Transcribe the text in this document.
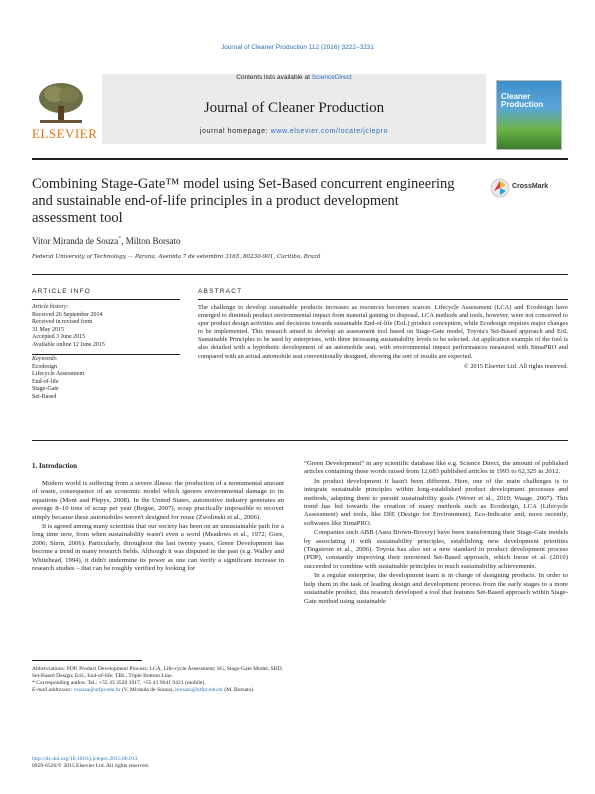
Journal of Cleaner Production 112 (2016) 3222–3231
ELSEVIER
Contents lists available at ScienceDirect
Journal of Cleaner Production
journal homepage: www.elsevier.com/locate/jclepro
Cleaner Production
Combining Stage-Gate™ model using Set-Based concurrent engineering and sustainable end-of-life principles in a product development assessment tool
CrossMark
Vitor Miranda de Souza*, Milton Borsato
Federal University of Technology — Parana, Avenida 7 de setembro 3165, 80230-901, Curitiba, Brazil
ARTICLE INFO	ABSTRACT
Article history:
Received 26 September 2014
Received in revised form
31 May 2015
Accepted 3 June 2015
Available online 12 June 2015
Keywords:
Ecodesign
Lifecycle Assessment
End-of-life
Stage-Gate
Set-Based
The challenge to develop sustainable products increases as resources becomes scarcer. Lifecycle Assessment (LCA) and Ecodesign have emerged to diminish product environmental impact from material gaining to disposal. LCA methods and tools, however, were not conceived to spur product design activities and decisions towards sustainable End-of-life (EoL) product conception, while Ecodesign requires major changes to be implemented. This research aimed to develop an assessment tool based on Stage-Gate model, Toyota's Set-Based approach and EoL Sustainable Principles to be used by enterprises, with three increasing sustainability levels to be selected. An application example of the tool is also detailed with a hypothetic development of an automobile seat, with environmental impact performances measured with SimaPRO and compared with an actual automobile seat conventionally designed, showing the sort of results are expected.
© 2015 Elsevier Ltd. All rights reserved.
1. Introduction

Modern world is suffering from a severe illness: the production of a monumental amount of waste, consequence of an economic model which ignores environmental damage to its equations (Mont and Plepys, 2008). In the United States, automotive industry generates an average 8–10 tons of scrap per year (Bogue, 2007), scrap practically impossible to recover simply because these automobiles weren't designed for reuse (Zwolinski et al., 2006).

It is agreed among many scientists that our society has been on an unsustainable path for a long time now, from when sustainability wasn't even a word (Meadows et al., 1972; Gore, 2006; Stern, 2006). Particularly, throughout the last twenty years, Green Development has become a trend in many research fields. Although it was disputed in the past (e.g. Walley and Whitehead, 1994), it didn't undermine its power as one can verify a significant increase in research studies – that can be roughly verified by looking for

“Green Development” in any scientific database like e.g. Science Direct, the amount of published articles containing these words raised from 12,683 published articles in 1995 to 62,325 in 2012.

In product development it hasn't been different. Here, one of the main challenges is to integrate sustainable principles within long-established product development processes and methods, adapting them to pursuit sustainability goals (Wever et al., 2010; Waage, 2007). This trend has led towards the creation of many methods such as Ecodesign, LCA (Lifecycle Assessment) and tools, like DfE (Design for Environment), Eco-Indicator and, more recently, softwares like SimaPRO.

Companies such ABB (Asea Brown-Bovery) have been transforming their Stage-Gate models by associating it with sustainability principles, establishing new development priorities (Tingstrom et al., 2006). Toyota has also set a new standard in product development process (PDP), constantly improving their renowned Set-Based approach, which Inoue et al. (2010) succeeded to combine with sustainable principles to reach sustainability achievements.

In a regular enterprise, the development team is in charge of designing products. In order to help them in the task of leading design and development process from the early stages to a more sustainable product, this research developed a tool that features Set-Based approach within Stage-Gate method using sustainable

Abbreviations: PDP, Product Development Process; LCA, Life-cycle Assessment; SG, Stage-Gate Model; SBD, Set-Based Design; EoL, End-of-life; TBL, Triple Bottom Line.

* Corresponding author. Tel.: +55 43 3520 3917, +55 41 9641 9421 (mobile).

E-mail addresses: vsouza@utfpr.edu.br (V. Miranda de Souza), borsato@utfpr.edu.br (M. Borsato).

http://dx.doi.org/10.1016/j.jclepro.2015.06.013
0959-6526/© 2015 Elsevier Ltd. All rights reserved.
